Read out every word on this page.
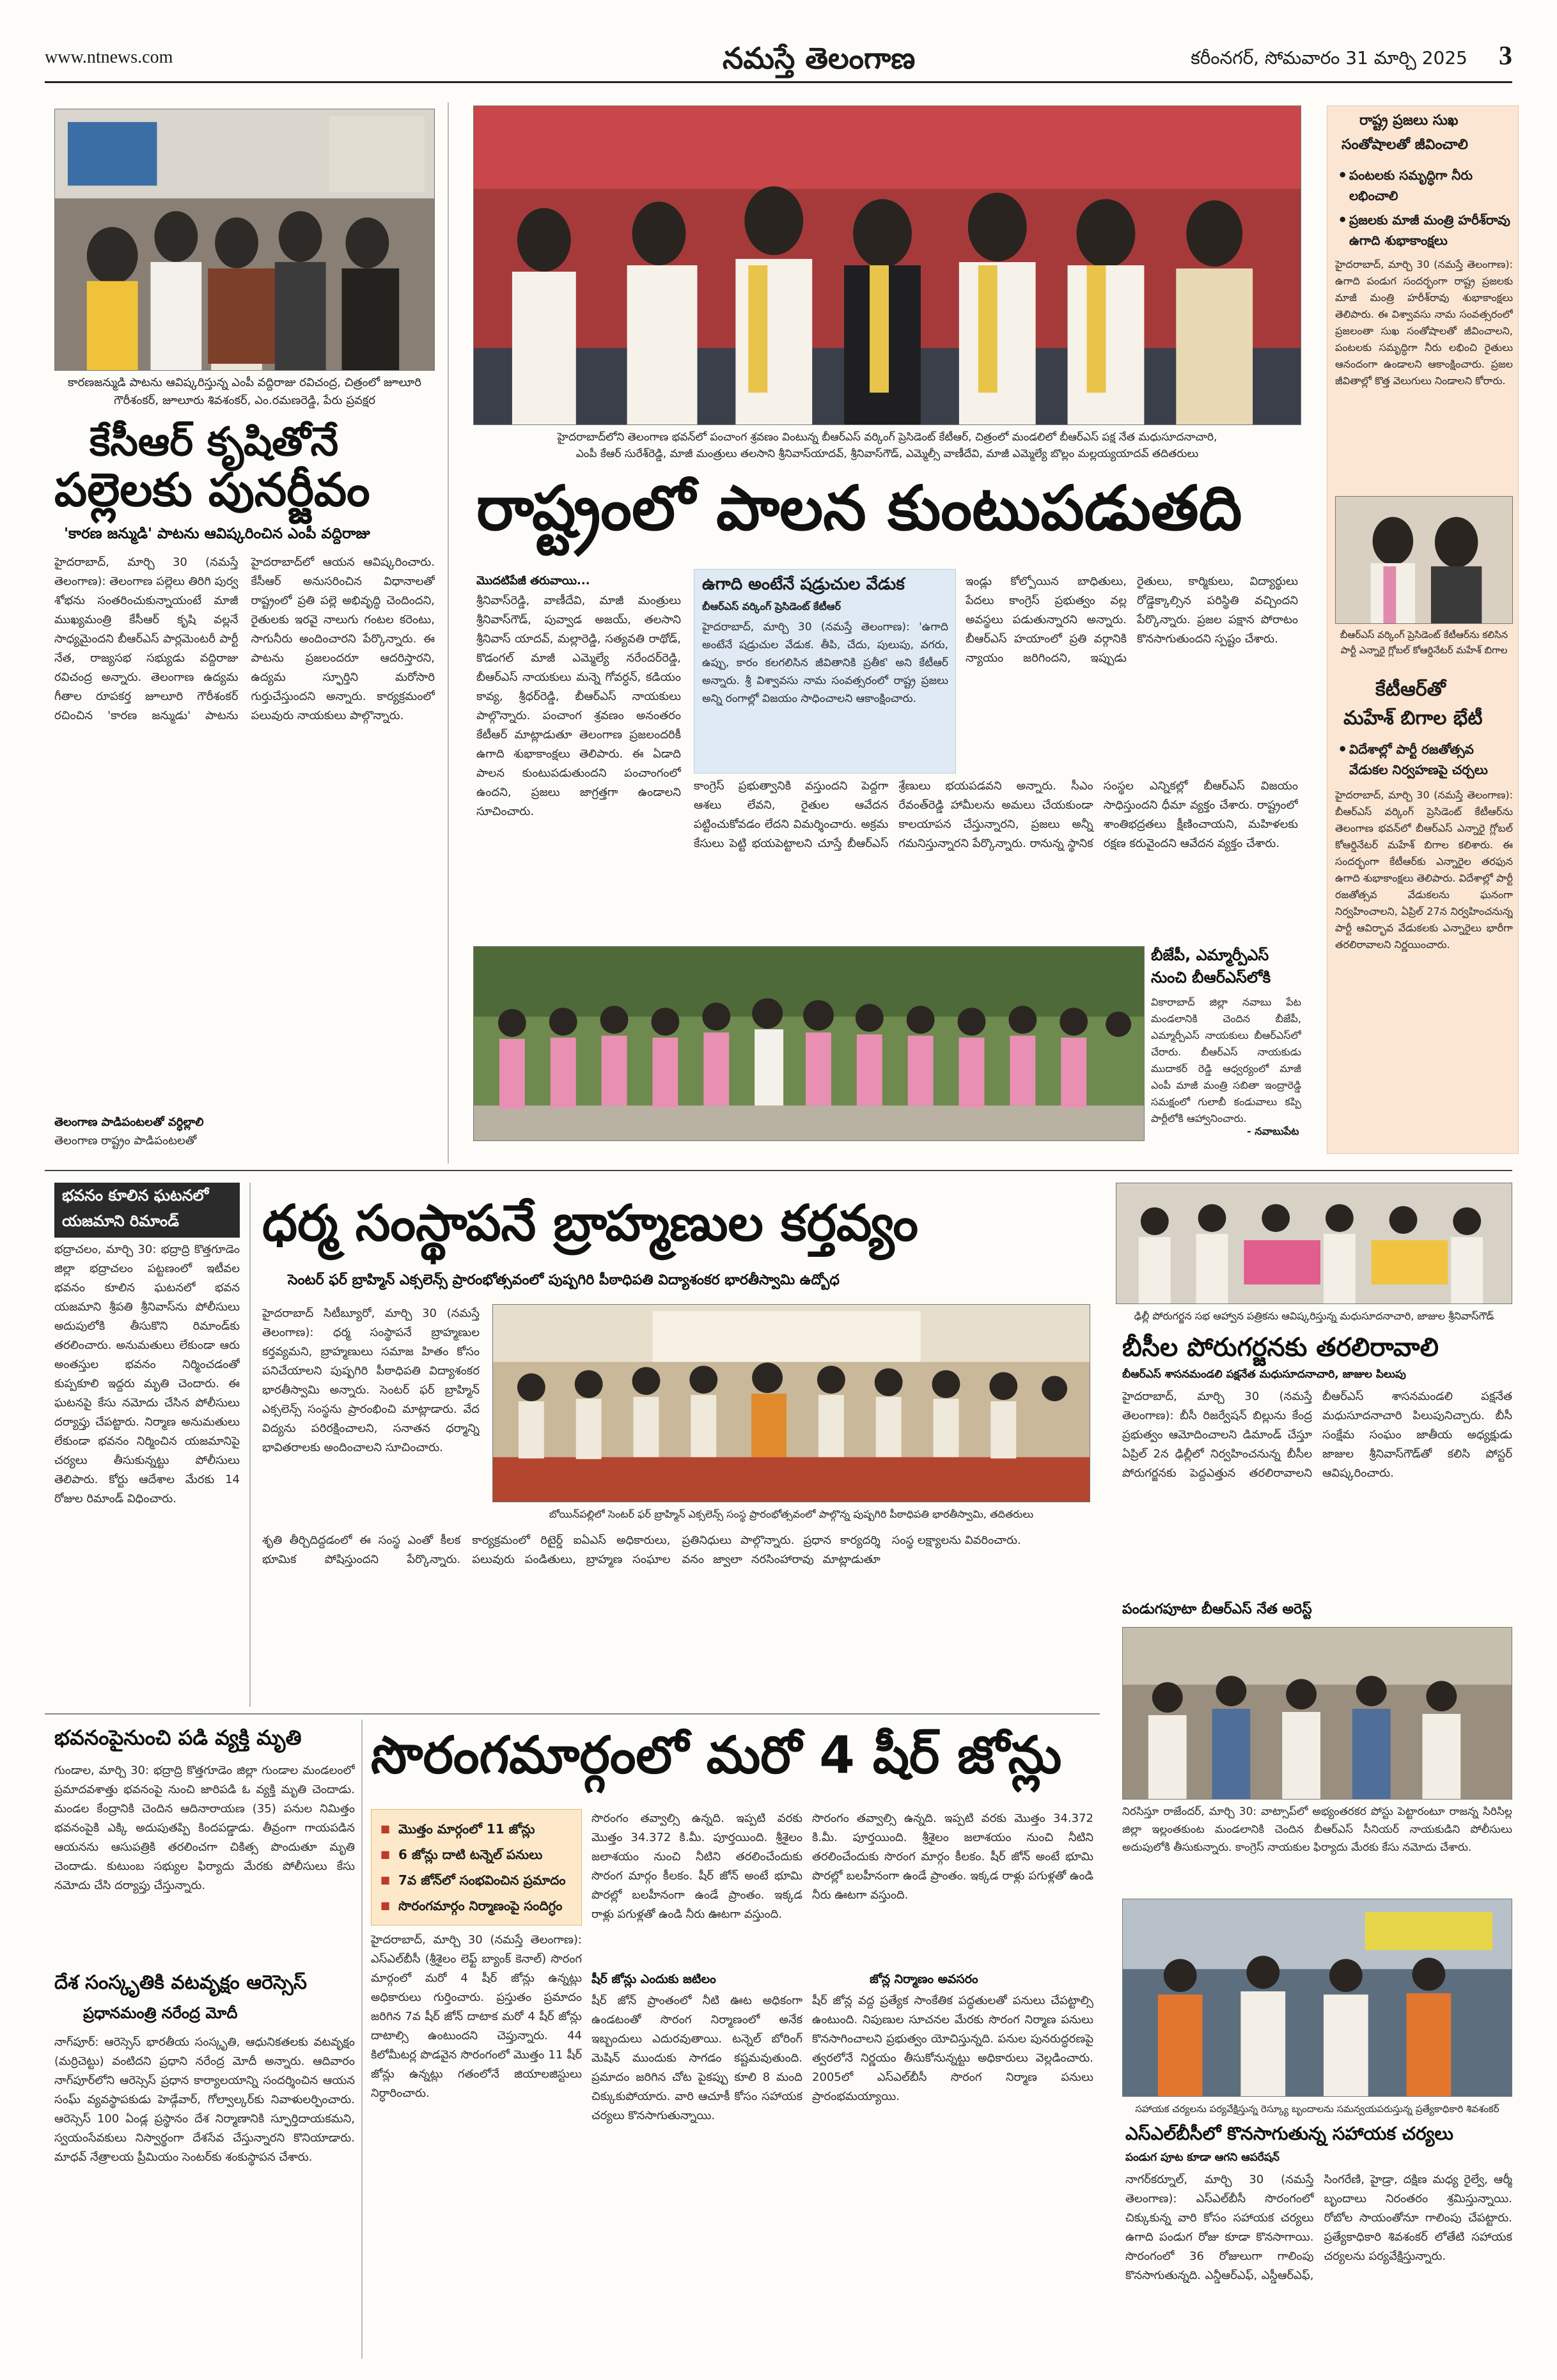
www.ntnews.com	నమస్తే తెలంగాణ	కరీంనగర్, సోమవారం 31 మార్చి 2025 3
కారణజన్ముడి పాటను ఆవిష్కరిస్తున్న ఎంపీ వద్దిరాజు రవిచంద్ర, చిత్రంలో జూలూరి గౌరీశంకర్, జూలూరు శివశంకర్, ఎం.రమణరెడ్డి, పేరు ప్రవక్షర
కేసీఆర్ కృషితోనే
పల్లెలకు పునర్జీవం
'కారణ జన్ముడి' పాటను ఆవిష్కరించిన ఎంపీ వద్దిరాజు
హైదరాబాద్, మార్చి 30 (నమస్తే తెలంగాణ): తెలంగాణ పల్లెలు తిరిగి పుర్వ శోభను సంతరించుకున్నాయంటే మాజీ ముఖ్యమంత్రి కేసీఆర్ కృషి వల్లనే సాధ్యమైందని బీఆర్ఎస్ పార్లమెంటరీ పార్టీ నేత, రాజ్యసభ సభ్యుడు వద్దిరాజు రవిచంద్ర అన్నారు. తెలంగాణ ఉద్యమ గీతాల రూపకర్త జూలూరి గౌరీశంకర్ రచించిన 'కారణ జన్ముడు' పాటను హైదరాబాద్‌లో ఆయన ఆవిష్కరించారు. కేసీఆర్ అనుసరించిన విధానాలతో రాష్ట్రంలో ప్రతి పల్లె అభివృద్ధి చెందిందని, రైతులకు ఇరవై నాలుగు గంటల కరెంటు, సాగునీరు అందించారని పేర్కొన్నారు. ఈ పాటను ప్రజలందరూ ఆదరిస్తారని, ఉద్యమ స్ఫూర్తిని మరోసారి గుర్తుచేస్తుందని అన్నారు. కార్యక్రమంలో పలువురు నాయకులు పాల్గొన్నారు.
తెలంగాణ పాడిపంటలతో వర్ధిల్లాలి
తెలంగాణ రాష్ట్రం పాడిపంటలతో
హైదరాబాద్‌లోని తెలంగాణ భవన్‌లో పంచాంగ శ్రవణం వింటున్న బీఆర్ఎస్ వర్కింగ్ ప్రెసిడెంట్ కేటీఆర్, చిత్రంలో మండలిలో బీఆర్ఎస్ పక్ష నేత మధుసూదనాచారి,
ఎంపీ కేఆర్ సురేశ్‌రెడ్డి, మాజీ మంత్రులు తలసాని శ్రీనివాస్‌యాదవ్, శ్రీనివాస్‌గౌడ్, ఎమ్మెల్సీ వాణీదేవి, మాజీ ఎమ్మెల్యే బొల్లం మల్లయ్యయాదవ్ తదితరులు
రాష్ట్రంలో పాలన కుంటుపడుతది
మొదటిపేజీ తరువాయి...
శ్రీనివాస్‌రెడ్డి, వాణీదేవి, మాజీ మంత్రులు శ్రీనివాస్‌గౌడ్, పువ్వాడ అజయ్, తలసాని శ్రీనివాస్ యాదవ్, మల్లారెడ్డి, సత్యవతి రాథోడ్, కొడంగల్ మాజీ ఎమ్మెల్యే నరేందర్‌రెడ్డి, బీఆర్ఎస్ నాయకులు మన్నె గోవర్ధన్, కడియం కావ్య, శ్రీధర్‌రెడ్డి, బీఆర్ఎస్ నాయకులు పాల్గొన్నారు. పంచాంగ శ్రవణం అనంతరం కేటీఆర్ మాట్లాడుతూ తెలంగాణ ప్రజలందరికీ ఉగాది శుభాకాంక్షలు తెలిపారు. ఈ ఏడాది పాలన కుంటుపడుతుందని పంచాంగంలో ఉందని, ప్రజలు జాగ్రత్తగా ఉండాలని సూచించారు.
ఇండ్లు కోల్పోయిన బాధితులు, పేదలు కాంగ్రెస్ ప్రభుత్వం వల్ల అవస్థలు పడుతున్నారని అన్నారు. బీఆర్ఎస్ హయాంలో ప్రతి వర్గానికి న్యాయం జరిగిందని, ఇప్పుడు రైతులు, కార్మికులు, విద్యార్థులు రోడ్డెక్కాల్సిన పరిస్థితి వచ్చిందని పేర్కొన్నారు. ప్రజల పక్షాన పోరాటం కొనసాగుతుందని స్పష్టం చేశారు.
ఉగాది అంటేనే షడ్రుచుల వేడుక
బీఆర్ఎస్ వర్కింగ్ ప్రెసిడెంట్ కేటీఆర్
హైదరాబాద్, మార్చి 30 (నమస్తే తెలంగాణ): 'ఉగాది అంటేనే షడ్రుచుల వేడుక. తీపి, చేదు, పులుపు, వగరు, ఉప్పు, కారం కలగలిసిన జీవితానికి ప్రతీక' అని కేటీఆర్ అన్నారు. శ్రీ విశ్వావసు నామ సంవత్సరంలో రాష్ట్ర ప్రజలు అన్ని రంగాల్లో విజయం సాధించాలని ఆకాంక్షించారు.
కాంగ్రెస్ ప్రభుత్వానికి వస్తుందని పెద్దగా ఆశలు లేవని, రైతుల ఆవేదన పట్టించుకోవడం లేదని విమర్శించారు. అక్రమ కేసులు పెట్టి భయపెట్టాలని చూస్తే బీఆర్ఎస్ శ్రేణులు భయపడవని అన్నారు. సీఎం రేవంత్‌రెడ్డి హామీలను అమలు చేయకుండా కాలయాపన చేస్తున్నారని, ప్రజలు అన్నీ గమనిస్తున్నారని పేర్కొన్నారు. రానున్న స్థానిక సంస్థల ఎన్నికల్లో బీఆర్ఎస్ విజయం సాధిస్తుందని ధీమా వ్యక్తం చేశారు. రాష్ట్రంలో శాంతిభద్రతలు క్షీణించాయని, మహిళలకు రక్షణ కరువైందని ఆవేదన వ్యక్తం చేశారు.
బీజేపీ, ఎమ్మార్పీఎస్
నుంచి బీఆర్ఎస్‌లోకి
వికారాబాద్ జిల్లా నవాబు పేట మండలానికి చెందిన బీజేపీ, ఎమ్మార్పీఎస్ నాయకులు బీఆర్ఎస్‌లో చేరారు. బీఆర్ఎస్ నాయకుడు ముదాకర్ రెడ్డి ఆధ్వర్యంలో మాజీ ఎంపీ మాజీ మంత్రి సబితా ఇంద్రారెడ్డి సమక్షంలో గులాబీ కండువాలు కప్పి పార్టీలోకి ఆహ్వానించారు.
- నవాబుపేట
రాష్ట్ర ప్రజలు సుఖ
సంతోషాలతో జీవించాలి
• పంటలకు సమృద్ధిగా నీరు లభించాలి
• ప్రజలకు మాజీ మంత్రి హరీశ్‌రావు ఉగాది శుభాకాంక్షలు
హైదరాబాద్, మార్చి 30 (నమస్తే తెలంగాణ): ఉగాది పండుగ సందర్భంగా రాష్ట్ర ప్రజలకు మాజీ మంత్రి హరీశ్‌రావు శుభాకాంక్షలు తెలిపారు. ఈ విశ్వావసు నామ సంవత్సరంలో ప్రజలంతా సుఖ సంతోషాలతో జీవించాలని, పంటలకు సమృద్ధిగా నీరు లభించి రైతులు ఆనందంగా ఉండాలని ఆకాంక్షించారు. ప్రజల జీవితాల్లో కొత్త వెలుగులు నిండాలని కోరారు.
బీఆర్ఎస్ వర్కింగ్ ప్రెసిడెంట్ కేటీఆర్‌ను కలిసిన పార్టీ ఎన్నారై గ్లోబల్ కోఆర్డినేటర్ మహేశ్ బిగాల
కేటీఆర్‌తో
మహేశ్ బిగాల భేటీ
• విదేశాల్లో పార్టీ రజతోత్సవ వేడుకల నిర్వహణపై చర్చలు
హైదరాబాద్, మార్చి 30 (నమస్తే తెలంగాణ): బీఆర్ఎస్ వర్కింగ్ ప్రెసిడెంట్ కేటీఆర్‌ను తెలంగాణ భవన్‌లో బీఆర్ఎస్ ఎన్నారై గ్లోబల్ కోఆర్డినేటర్ మహేశ్ బిగాల కలిశారు. ఈ సందర్భంగా కేటీఆర్‌కు ఎన్నారైల తరఫున ఉగాది శుభాకాంక్షలు తెలిపారు. విదేశాల్లో పార్టీ రజతోత్సవ వేడుకలను ఘనంగా నిర్వహించాలని, ఏప్రిల్ 27న నిర్వహించనున్న పార్టీ ఆవిర్భావ వేడుకలకు ఎన్నారైలు భారీగా తరలిరావాలని నిర్ణయించారు.
భవనం కూలిన ఘటనలో
యజమాని రిమాండ్
భద్రాచలం, మార్చి 30: భద్రాద్రి కొత్తగూడెం జిల్లా భద్రాచలం పట్టణంలో ఇటీవల భవనం కూలిన ఘటనలో భవన యజమాని శ్రీపతి శ్రీనివాస్‌ను పోలీసులు అదుపులోకి తీసుకొని రిమాండ్‌కు తరలించారు. అనుమతులు లేకుండా ఆరు అంతస్తుల భవనం నిర్మించడంతో కుప్పకూలి ఇద్దరు మృతి చెందారు. ఈ ఘటనపై కేసు నమోదు చేసిన పోలీసులు దర్యాప్తు చేపట్టారు. నిర్మాణ అనుమతులు లేకుండా భవనం నిర్మించిన యజమానిపై చర్యలు తీసుకున్నట్టు పోలీసులు తెలిపారు. కోర్టు ఆదేశాల మేరకు 14 రోజుల రిమాండ్ విధించారు.
ధర్మ సంస్థాపనే బ్రాహ్మణుల కర్తవ్యం
సెంటర్ ఫర్ బ్రాహ్మిన్ ఎక్సలెన్స్ ప్రారంభోత్సవంలో పుష్పగిరి పీఠాధిపతి విద్యాశంకర భారతీస్వామి ఉద్బోధ
హైదరాబాద్ సిటీబ్యూరో, మార్చి 30 (నమస్తే తెలంగాణ): ధర్మ సంస్థాపనే బ్రాహ్మణుల కర్తవ్యమని, బ్రాహ్మణులు సమాజ హితం కోసం పనిచేయాలని పుష్పగిరి పీఠాధిపతి విద్యాశంకర భారతీస్వామి అన్నారు. సెంటర్ ఫర్ బ్రాహ్మిన్ ఎక్సలెన్స్ సంస్థను ప్రారంభించి మాట్లాడారు. వేద విద్యను పరిరక్షించాలని, సనాతన ధర్మాన్ని భావితరాలకు అందించాలని సూచించారు.
బోయిన్‌పల్లిలో సెంటర్ ఫర్ బ్రాహ్మిన్ ఎక్సలెన్స్ సంస్థ ప్రారంభోత్సవంలో పాల్గొన్న పుష్పగిరి పీఠాధిపతి భారతీస్వామి, తదితరులు
శృతి తీర్చిదిద్దడంలో ఈ సంస్థ ఎంతో కీలక భూమిక పోషిస్తుందని పేర్కొన్నారు. కార్యక్రమంలో రిటైర్డ్ ఐఏఎస్ అధికారులు, పలువురు పండితులు, బ్రాహ్మణ సంఘాల ప్రతినిధులు పాల్గొన్నారు. ప్రధాన కార్యదర్శి వనం జ్వాలా నరసింహారావు మాట్లాడుతూ సంస్థ లక్ష్యాలను వివరించారు.
ఢిల్లీ పోరుగర్జన సభ ఆహ్వాన పత్రికను ఆవిష్కరిస్తున్న మధుసూదనాచారి, జాజుల శ్రీనివాస్‌గౌడ్
బీసీల పోరుగర్జనకు తరలిరావాలి
బీఆర్ఎస్ శాసనమండలి పక్షనేత మధుసూదనాచారి, జాజుల పిలుపు
హైదరాబాద్, మార్చి 30 (నమస్తే తెలంగాణ): బీసీ రిజర్వేషన్ బిల్లును కేంద్ర ప్రభుత్వం ఆమోదించాలని డిమాండ్ చేస్తూ ఏప్రిల్ 2న ఢిల్లీలో నిర్వహించనున్న బీసీల పోరుగర్జనకు పెద్దఎత్తున తరలిరావాలని బీఆర్ఎస్ శాసనమండలి పక్షనేత మధుసూదనాచారి పిలుపునిచ్చారు. బీసీ సంక్షేమ సంఘం జాతీయ అధ్యక్షుడు జాజుల శ్రీనివాస్‌గౌడ్‌తో కలిసి పోస్టర్ ఆవిష్కరించారు.
పండుగపూటా బీఆర్ఎస్ నేత అరెస్ట్
నిరసిస్తూ రాజేందర్, మార్చి 30: వాట్సాప్‌లో అభ్యంతరకర పోస్టు పెట్టారంటూ రాజన్న సిరిసిల్ల జిల్లా ఇల్లంతకుంట మండలానికి చెందిన బీఆర్ఎస్ సీనియర్ నాయకుడిని పోలీసులు అదుపులోకి తీసుకున్నారు. కాంగ్రెస్ నాయకుల ఫిర్యాదు మేరకు కేసు నమోదు చేశారు.
భవనంపైనుంచి పడి వ్యక్తి మృతి
గుండాల, మార్చి 30: భద్రాద్రి కొత్తగూడెం జిల్లా గుండాల మండలంలో ప్రమాదవశాత్తు భవనంపై నుంచి జారిపడి ఓ వ్యక్తి మృతి చెందాడు. మండల కేంద్రానికి చెందిన ఆదినారాయణ (35) పనుల నిమిత్తం భవనంపైకి ఎక్కి అదుపుతప్పి కిందపడ్డాడు. తీవ్రంగా గాయపడిన ఆయనను ఆసుపత్రికి తరలించగా చికిత్స పొందుతూ మృతి చెందాడు. కుటుంబ సభ్యుల ఫిర్యాదు మేరకు పోలీసులు కేసు నమోదు చేసి దర్యాప్తు చేస్తున్నారు.
సొరంగమార్గంలో మరో 4 షీర్ జోన్లు
■ మొత్తం మార్గంలో 11 జోన్లు
■ 6 జోన్లు దాటి టన్నెల్ పనులు
■ 7వ జోన్‌లో సంభవించిన ప్రమాదం
■ సొరంగమార్గం నిర్మాణంపై సందిగ్ధం
హైదరాబాద్, మార్చి 30 (నమస్తే తెలంగాణ): ఎస్ఎల్‌బీసీ (శ్రీశైలం లెఫ్ట్ బ్యాంక్ కెనాల్) సొరంగ మార్గంలో మరో 4 షీర్ జోన్లు ఉన్నట్లు అధికారులు గుర్తించారు. ప్రస్తుతం ప్రమాదం జరిగిన 7వ షీర్ జోన్ దాటాక మరో 4 షీర్ జోన్లు దాటాల్సి ఉంటుందని చెప్తున్నారు. 44 కిలోమీటర్ల పొడవైన సొరంగంలో మొత్తం 11 షీర్ జోన్లు ఉన్నట్లు గతంలోనే జియాలజిస్టులు నిర్ధారించారు.
సొరంగం తవ్వాల్సి ఉన్నది. ఇప్పటి వరకు మొత్తం 34.372 కి.మీ. పూర్తయింది. శ్రీశైలం జలాశయం నుంచి నీటిని తరలించేందుకు సొరంగ మార్గం కీలకం. షీర్ జోన్ అంటే భూమి పొరల్లో బలహీనంగా ఉండే ప్రాంతం. ఇక్కడ రాళ్లు పగుళ్లతో ఉండి నీరు ఊటగా వస్తుంది.
షీర్ జోన్లు ఎందుకు జటిలం
షీర్ జోన్ ప్రాంతంలో నీటి ఊట అధికంగా ఉండటంతో సొరంగ నిర్మాణంలో అనేక ఇబ్బందులు ఎదురవుతాయి. టన్నెల్ బోరింగ్ మెషిన్ ముందుకు సాగడం కష్టమవుతుంది. ప్రమాదం జరిగిన చోట పైకప్పు కూలి 8 మంది చిక్కుకుపోయారు. వారి ఆచూకీ కోసం సహాయక చర్యలు కొనసాగుతున్నాయి.
సొరంగం తవ్వాల్సి ఉన్నది. ఇప్పటి వరకు మొత్తం 34.372 కి.మీ. పూర్తయింది. శ్రీశైలం జలాశయం నుంచి నీటిని తరలించేందుకు సొరంగ మార్గం కీలకం. షీర్ జోన్ అంటే భూమి పొరల్లో బలహీనంగా ఉండే ప్రాంతం. ఇక్కడ రాళ్లు పగుళ్లతో ఉండి నీరు ఊటగా వస్తుంది.
జోన్ల నిర్మాణం అవసరం
షీర్ జోన్ల వద్ద ప్రత్యేక సాంకేతిక పద్ధతులతో పనులు చేపట్టాల్సి ఉంటుంది. నిపుణుల సూచనల మేరకు సొరంగ నిర్మాణ పనులు కొనసాగించాలని ప్రభుత్వం యోచిస్తున్నది. పనుల పునరుద్ధరణపై త్వరలోనే నిర్ణయం తీసుకోనున్నట్టు అధికారులు వెల్లడించారు. 2005లో ఎస్ఎల్‌బీసీ సొరంగ నిర్మాణ పనులు ప్రారంభమయ్యాయి.
దేశ సంస్కృతికి వటవృక్షం ఆరెస్సెస్
ప్రధానమంత్రి నరేంద్ర మోదీ
నాగ్‌పూర్: ఆరెస్సెస్ భారతీయ సంస్కృతి, ఆధునికతలకు వటవృక్షం (మర్రిచెట్టు) వంటిదని ప్రధాని నరేంద్ర మోదీ అన్నారు. ఆదివారం నాగ్‌పూర్‌లోని ఆరెస్సెస్ ప్రధాన కార్యాలయాన్ని సందర్శించిన ఆయన సంఘ్ వ్యవస్థాపకుడు హెడ్గేవార్, గోల్వాల్కర్‌కు నివాళులర్పించారు. ఆరెస్సెస్ 100 ఏండ్ల ప్రస్థానం దేశ నిర్మాణానికి స్ఫూర్తిదాయకమని, స్వయంసేవకులు నిస్వార్థంగా దేశసేవ చేస్తున్నారని కొనియాడారు. మాధవ్ నేత్రాలయ ప్రీమియం సెంటర్‌కు శంకుస్థాపన చేశారు.
సహాయక చర్యలను పర్యవేక్షిస్తున్న రెస్క్యూ బృందాలను సమన్వయపరుస్తున్న ప్రత్యేకాధికారి శివశంకర్
ఎస్ఎల్‌బీసీలో కొనసాగుతున్న సహాయక చర్యలు
పండుగ పూట కూడా ఆగని ఆపరేషన్
నాగర్‌కర్నూల్, మార్చి 30 (నమస్తే తెలంగాణ): ఎస్ఎల్‌బీసీ సొరంగంలో చిక్కుకున్న వారి కోసం సహాయక చర్యలు ఉగాది పండుగ రోజు కూడా కొనసాగాయి. సొరంగంలో 36 రోజులుగా గాలింపు కొనసాగుతున్నది. ఎన్డీఆర్ఎఫ్, ఎస్డీఆర్ఎఫ్, సింగరేణి, హైడ్రా, దక్షిణ మధ్య రైల్వే, ఆర్మీ బృందాలు నిరంతరం శ్రమిస్తున్నాయి. రోబోల సాయంతోనూ గాలింపు చేపట్టారు. ప్రత్యేకాధికారి శివశంకర్ లోతేటి సహాయక చర్యలను పర్యవేక్షిస్తున్నారు.
